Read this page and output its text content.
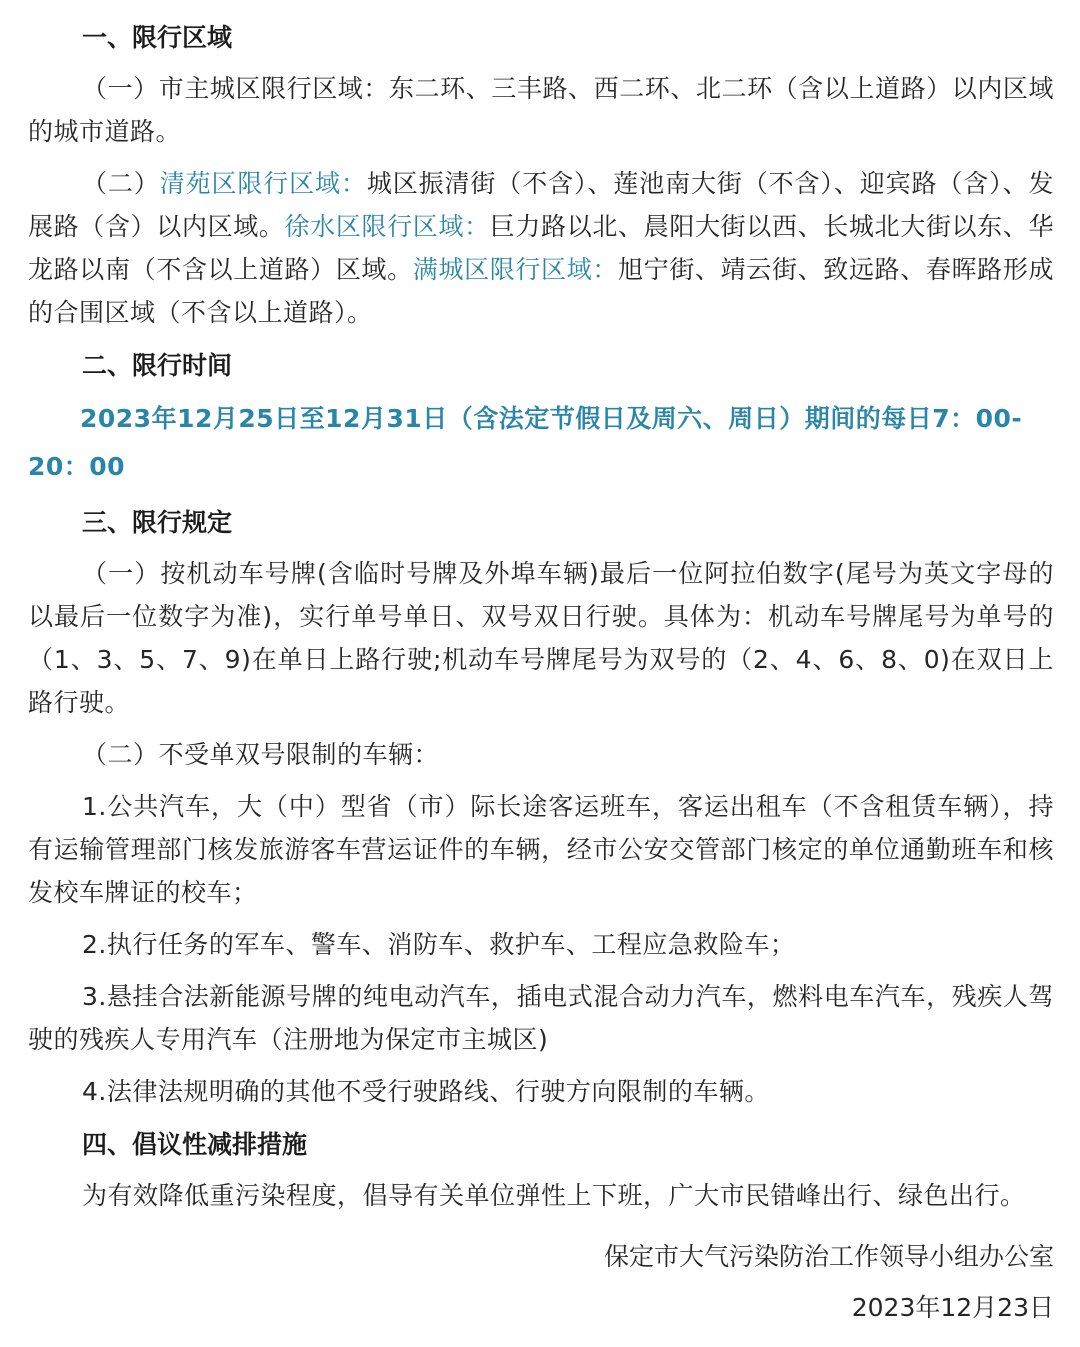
一、限行区域

（一）市主城区限行区域：东二环、三丰路、西二环、北二环（含以上道路）以内区域的城市道路。

（二）清苑区限行区域：城区振清街（不含）、莲池南大街（不含）、迎宾路（含）、发展路（含）以内区域。徐水区限行区域：巨力路以北、晨阳大街以西、长城北大街以东、华龙路以南（不含以上道路）区域。满城区限行区域：旭宁街、靖云街、致远路、春晖路形成的合围区域（不含以上道路）。

二、限行时间

2023年12月25日至12月31日（含法定节假日及周六、周日）期间的每日7：00-20：00

三、限行规定

（一）按机动车号牌(含临时号牌及外埠车辆)最后一位阿拉伯数字(尾号为英文字母的以最后一位数字为准)，实行单号单日、双号双日行驶。具体为：机动车号牌尾号为单号的（1、3、5、7、9)在单日上路行驶;机动车号牌尾号为双号的（2、4、6、8、0)在双日上路行驶。

（二）不受单双号限制的车辆：

1.公共汽车，大（中）型省（市）际长途客运班车，客运出租车（不含租赁车辆），持有运输管理部门核发旅游客车营运证件的车辆，经市公安交管部门核定的单位通勤班车和核发校车牌证的校车；

2.执行任务的军车、警车、消防车、救护车、工程应急救险车；

3.悬挂合法新能源号牌的纯电动汽车，插电式混合动力汽车，燃料电车汽车，残疾人驾驶的残疾人专用汽车（注册地为保定市主城区)

4.法律法规明确的其他不受行驶路线、行驶方向限制的车辆。

四、倡议性减排措施

为有效降低重污染程度，倡导有关单位弹性上下班，广大市民错峰出行、绿色出行。

保定市大气污染防治工作领导小组办公室

2023年12月23日
